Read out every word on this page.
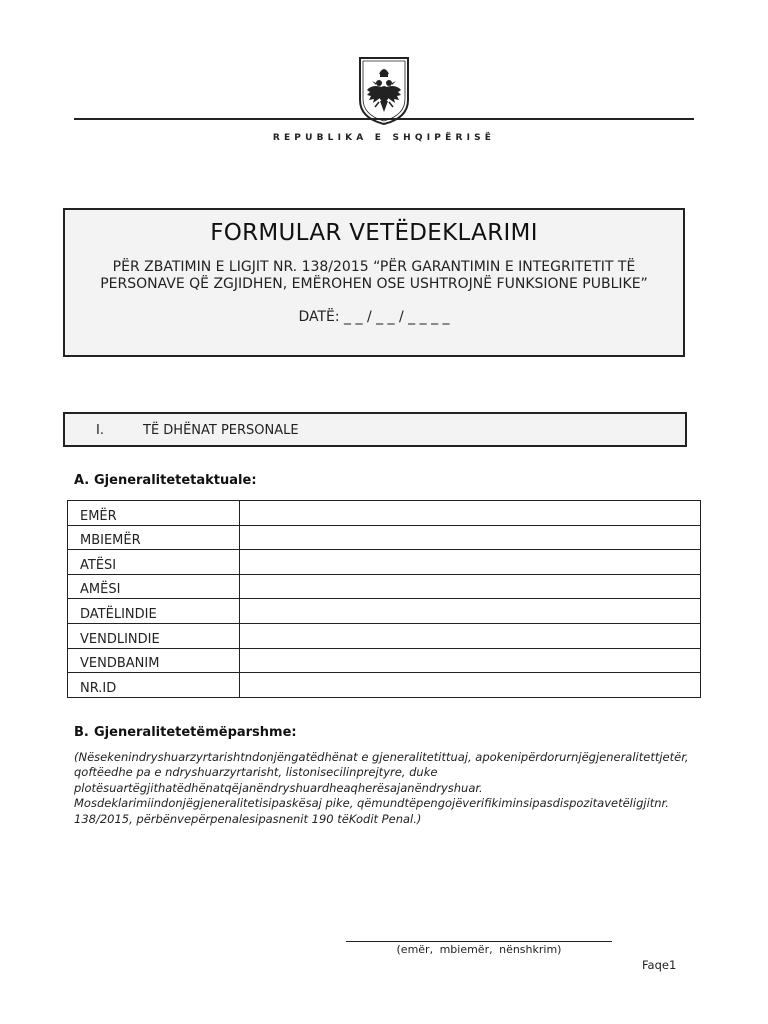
REPUBLIKA E SHQIPËRISË
FORMULAR VETËDEKLARIMI
PËR ZBATIMIN E LIGJIT NR. 138/2015 “PËR GARANTIMIN E INTEGRITETIT TË PERSONAVE QË ZGJIDHEN, EMËROHEN OSE USHTROJNË FUNKSIONE PUBLIKE”
DATË: _ _ / _ _ / _ _ _ _
I.	TË DHËNAT PERSONALE
A. Gjeneralitetetaktuale:
EMËR	
MBIEMËR	
ATËSI	
AMËSI	
DATËLINDIE	
VENDLINDIE	
VENDBANIM	
NR.ID	
B. Gjeneralitetetëmëparshme:
(Nësekenindryshuarzyrtarishtndonjëngatëdhënat e gjeneralitetittuaj, apokenipërdorurnjëgjeneralitettjetër, qoftëedhe pa e ndryshuarzyrtarisht, listonisecilinprejtyre, duke plotësuartëgjithatëdhënatqëjanëndryshuardheaqherësajanëndryshuar. Mosdeklarimiindonjëgjeneralitetisipaskësaj pike, qëmundtëpengojëverifikiminsipasdispozitavetëligjitnr. 138/2015, përbënvepërpenalesipasnenit 190 tëKodit Penal.)
(emër, mbiemër, nënshkrim)
Faqe1
